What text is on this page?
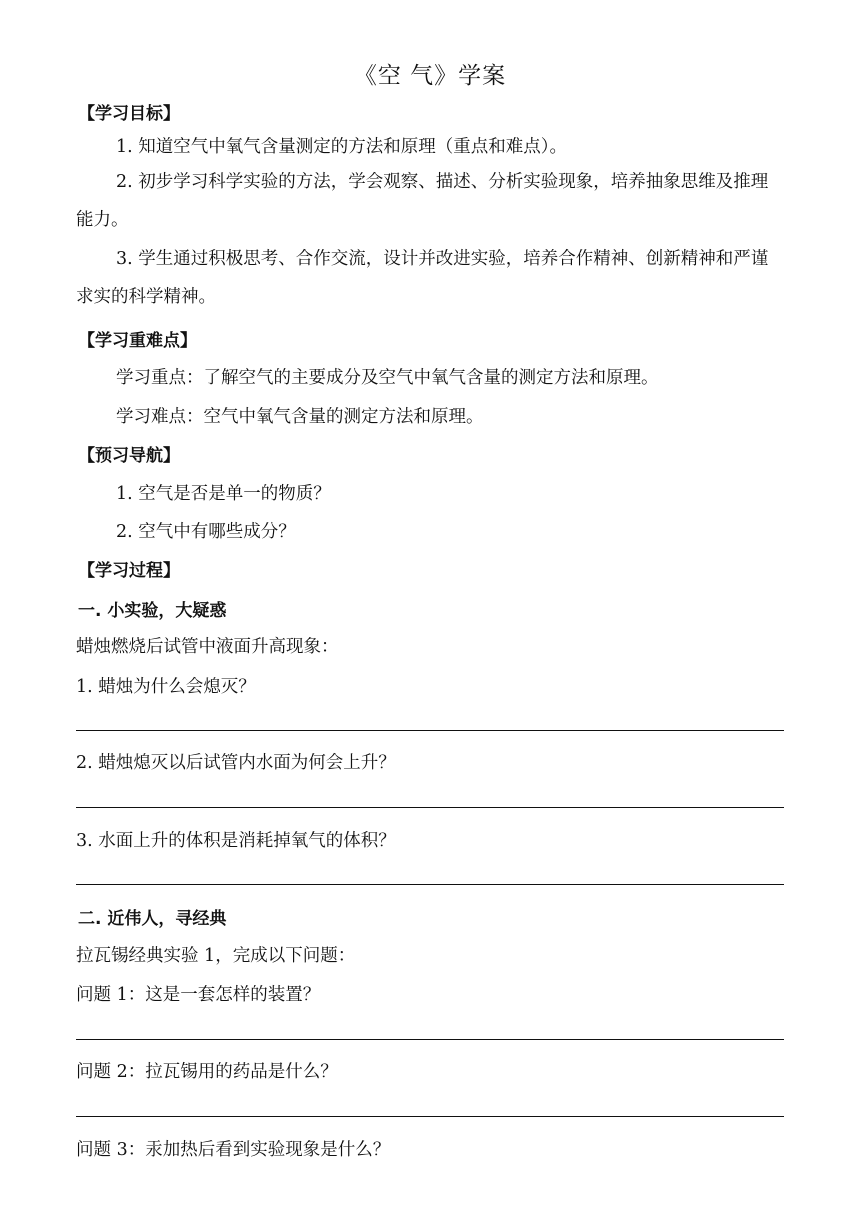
《空 气》学案
【学习目标】
1. 知道空气中氧气含量测定的方法和原理（重点和难点）。
2. 初步学习科学实验的方法，学会观察、描述、分析实验现象，培养抽象思维及推理能力。
3. 学生通过积极思考、合作交流，设计并改进实验，培养合作精神、创新精神和严谨求实的科学精神。
【学习重难点】
学习重点：了解空气的主要成分及空气中氧气含量的测定方法和原理。
学习难点：空气中氧气含量的测定方法和原理。
【预习导航】
1. 空气是否是单一的物质？
2. 空气中有哪些成分？
【学习过程】
一. 小实验，大疑惑
蜡烛燃烧后试管中液面升高现象：
1. 蜡烛为什么会熄灭？
2. 蜡烛熄灭以后试管内水面为何会上升？
3. 水面上升的体积是消耗掉氧气的体积？
二. 近伟人，寻经典
拉瓦锡经典实验 1，完成以下问题：
问题 1：这是一套怎样的装置？
问题 2：拉瓦锡用的药品是什么？
问题 3：汞加热后看到实验现象是什么？
